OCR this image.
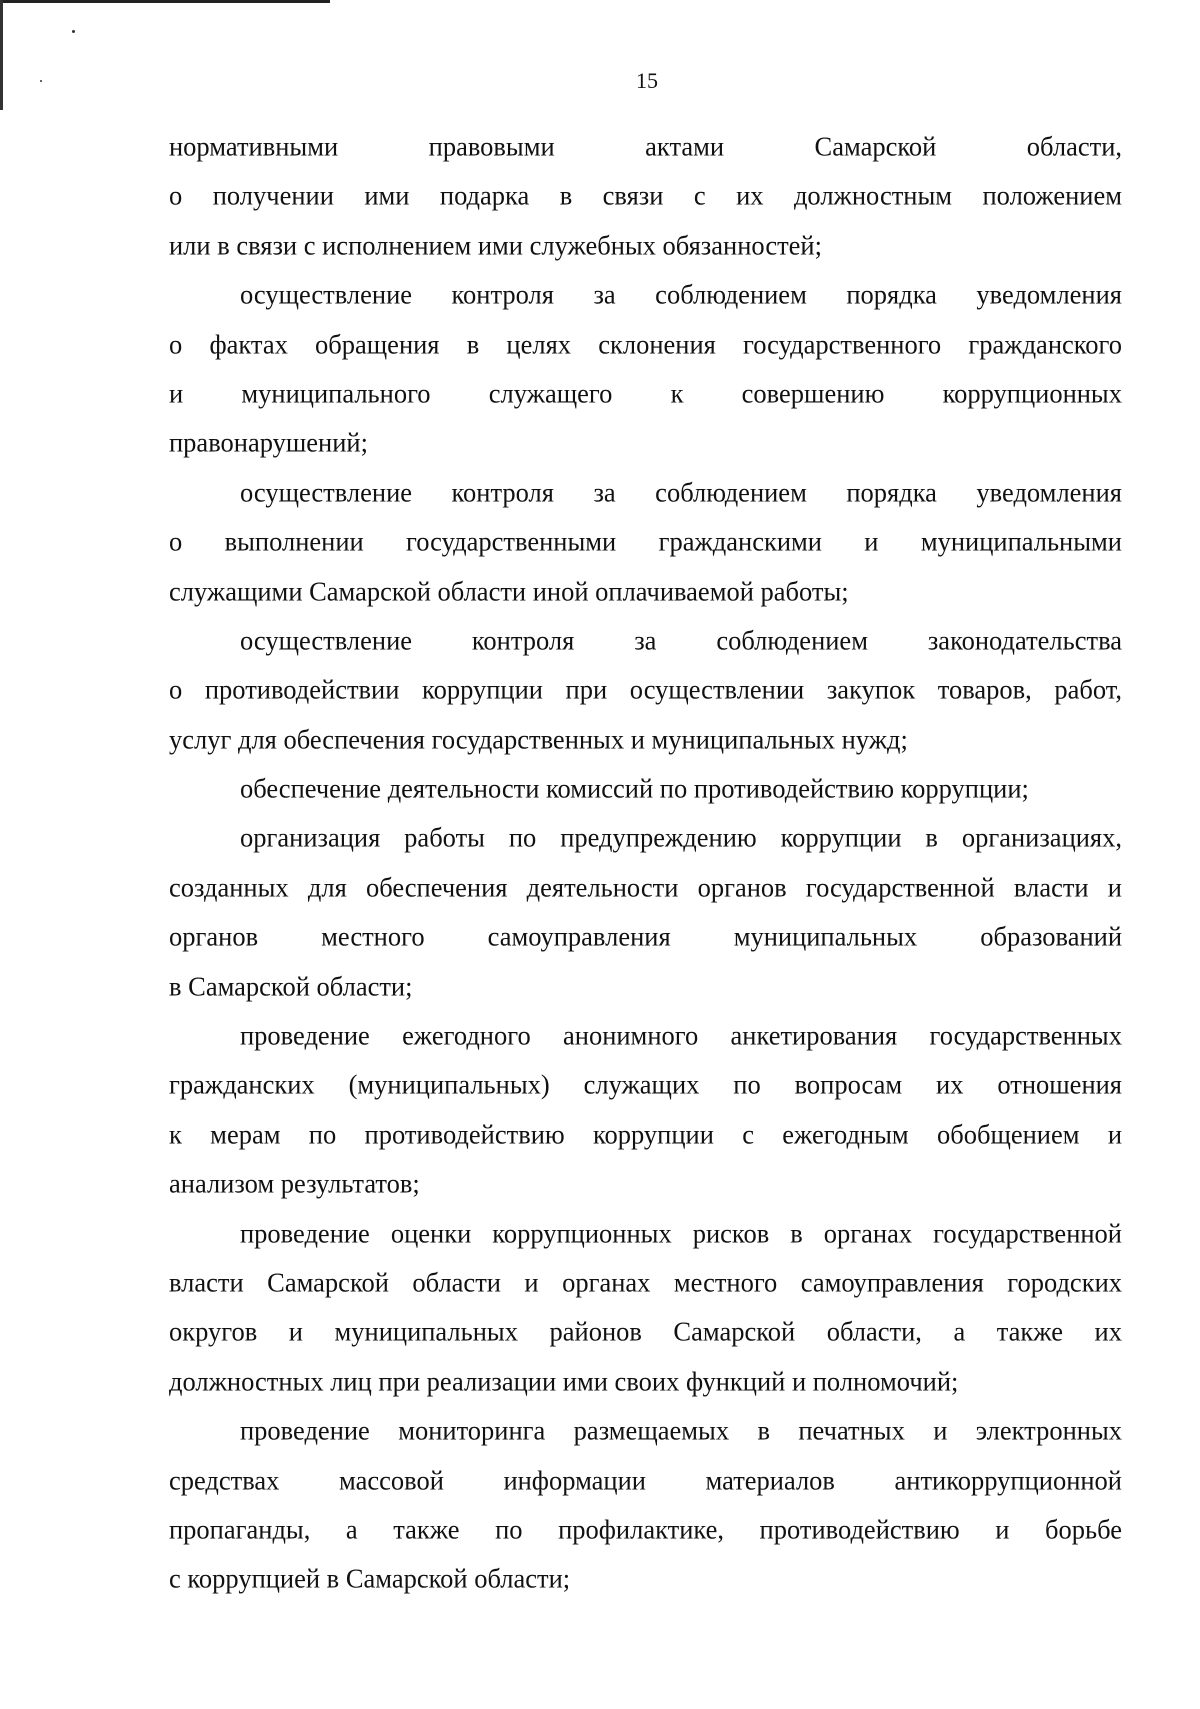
15
нормативными правовыми актами Самарской области,
о получении ими подарка в связи с их должностным положением
или в связи с исполнением ими служебных обязанностей;
осуществление контроля за соблюдением порядка уведомления
о фактах обращения в целях склонения государственного гражданского
и муниципального служащего к совершению коррупционных
правонарушений;
осуществление контроля за соблюдением порядка уведомления
о выполнении государственными гражданскими и муниципальными
служащими Самарской области иной оплачиваемой работы;
осуществление контроля за соблюдением законодательства
о противодействии коррупции при осуществлении закупок товаров, работ,
услуг для обеспечения государственных и муниципальных нужд;
обеспечение деятельности комиссий по противодействию коррупции;
организация работы по предупреждению коррупции в организациях,
созданных для обеспечения деятельности органов государственной власти и
органов местного самоуправления муниципальных образований
в Самарской области;
проведение ежегодного анонимного анкетирования государственных
гражданских (муниципальных) служащих по вопросам их отношения
к мерам по противодействию коррупции с ежегодным обобщением и
анализом результатов;
проведение оценки коррупционных рисков в органах государственной
власти Самарской области и органах местного самоуправления городских
округов и муниципальных районов Самарской области, а также их
должностных лиц при реализации ими своих функций и полномочий;
проведение мониторинга размещаемых в печатных и электронных
средствах массовой информации материалов антикоррупционной
пропаганды, а также по профилактике, противодействию и борьбе
с коррупцией в Самарской области;
